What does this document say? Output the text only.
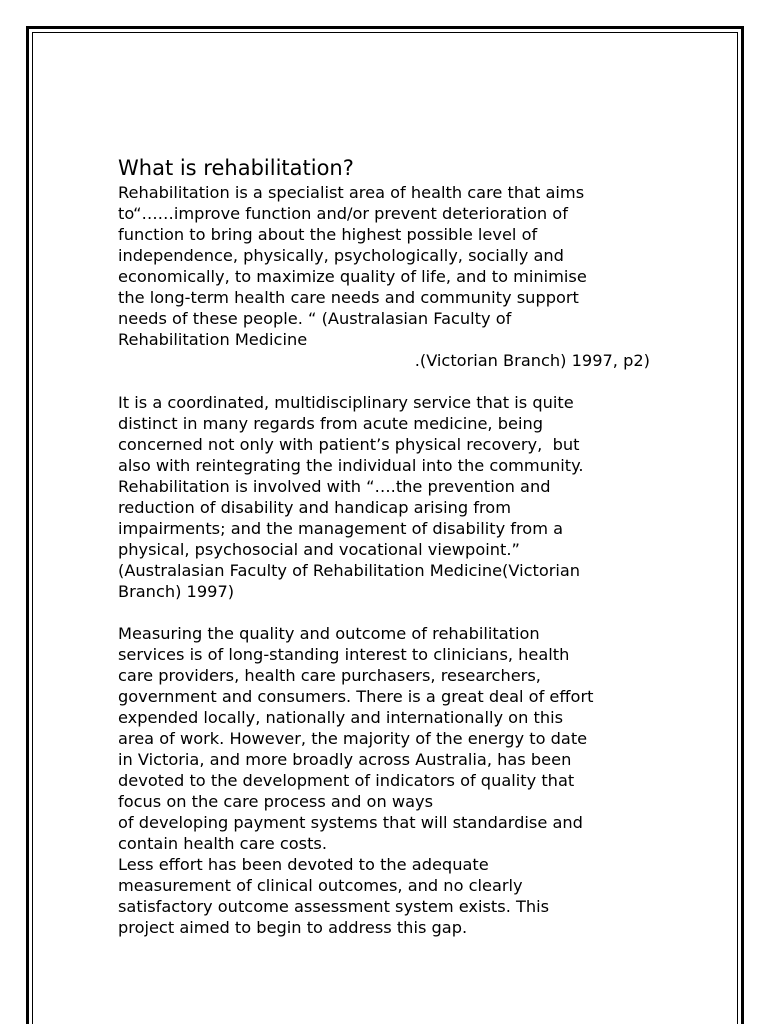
What is rehabilitation?
Rehabilitation is a specialist area of health care that aims
to“……improve function and/or prevent deterioration of
function to bring about the highest possible level of
independence, physically, psychologically, socially and
economically, to maximize quality of life, and to minimise
the long-term health care needs and community support
needs of these people. “ (Australasian Faculty of
Rehabilitation Medicine
.(Victorian Branch) 1997, p2)
It is a coordinated, multidisciplinary service that is quite
distinct in many regards from acute medicine, being
concerned not only with patient’s physical recovery,  but
also with reintegrating the individual into the community.
Rehabilitation is involved with “….the prevention and
reduction of disability and handicap arising from
impairments; and the management of disability from a
physical, psychosocial and vocational viewpoint.”
(Australasian Faculty of Rehabilitation Medicine(Victorian
Branch) 1997)
Measuring the quality and outcome of rehabilitation
services is of long-standing interest to clinicians, health
care providers, health care purchasers, researchers,
government and consumers. There is a great deal of effort
expended locally, nationally and internationally on this
area of work. However, the majority of the energy to date
in Victoria, and more broadly across Australia, has been
devoted to the development of indicators of quality that
focus on the care process and on ways
of developing payment systems that will standardise and
contain health care costs.
Less effort has been devoted to the adequate
measurement of clinical outcomes, and no clearly
satisfactory outcome assessment system exists. This
project aimed to begin to address this gap.
